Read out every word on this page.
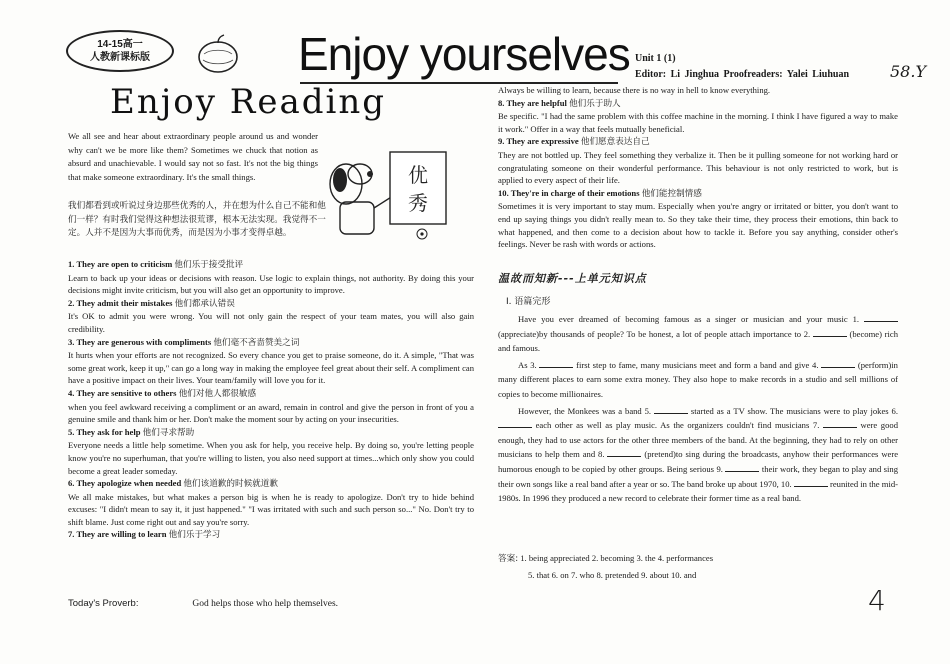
14-15高一
人教新课标版	Enjoy yourselves Unit 1 (1)
Editor: Li Jinghua Proofreaders: Yalei Liuhuan	58.Y
Enjoy Reading
We all see and hear about extraordinary people around us and wonder why can't we be more like them? Sometimes we chuck that notion as absurd and unachievable. I would say not so fast. It's not the big things that make someone extraordinary. It's the small things.	优
秀
我们都看到或听说过身边那些优秀的人，并在想为什么自己不能和他们一样？有时我们觉得这种想法很荒谬，根本无法实现。我觉得不一定。人并不是因为大事而优秀，而是因为小事才变得卓越。
1. They are open to criticism 他们乐于接受批评
Learn to back up your ideas or decisions with reason. Use logic to explain things, not authority. By doing this your decisions might invite criticism, but you will also get an opportunity to improve.
2. They admit their mistakes 他们都承认错误
It's OK to admit you were wrong. You will not only gain the respect of your team mates, you will also gain credibility.
3. They are generous with compliments 他们毫不吝啬赞美之词
It hurts when your efforts are not recognized. So every chance you get to praise someone, do it. A simple, "That was some great work, keep it up," can go a long way in making the employee feel great about their self. A compliment can have a positive impact on their lives. Your team/family will love you for it.
4. They are sensitive to others 他们对他人都很敏感
when you feel awkward receiving a compliment or an award, remain in control and give the person in front of you a genuine smile and thank him or her. Don't make the moment sour by acting on your insecurities.
5. They ask for help 他们寻求帮助
Everyone needs a little help sometime. When you ask for help, you receive help. By doing so, you're letting people know you're no superhuman, that you're willing to listen, you also need support at times...which only show you could become a great leader someday.
6. They apologize when needed 他们该道歉的时候就道歉
We all make mistakes, but what makes a person big is when he is ready to apologize. Don't try to hide behind excuses: "I didn't mean to say it, it just happened." "I was irritated with such and such person so..." No. Don't try to shift blame. Just come right out and say you're sorry.
7. They are willing to learn 他们乐于学习
Today's Proverb:	God helps those who help themselves.
Always be willing to learn, because there is no way in hell to know everything.
8. They are helpful 他们乐于助人
Be specific. "I had the same problem with this coffee machine in the morning. I think I have figured a way to make it work." Offer in a way that feels mutually beneficial.
9. They are expressive 他们愿意表达自己
They are not bottled up. They feel something they verbalize it. Then be it pulling someone for not working hard or congratulating someone on their wonderful performance. This behaviour is not only restricted to work, but is applied to every aspect of their life.
10. They're in charge of their emotions 他们能控制情感
Sometimes it is very important to stay mum. Especially when you're angry or irritated or bitter, you don't want to end up saying things you didn't really mean to. So they take their time, they process their emotions, thin back to what happened, and then come to a decision about how to tackle it. Before you say anything, consider other's feelings. Never be rash with words or actions.
温故而知新---上单元知识点
Ⅰ. 语篇完形

Have you ever dreamed of becoming famous as a singer or musician and your music 1.  (appreciate)by thousands of people? To be honest, a lot of people attach importance to 2.	(become) rich and famous.

As 3.	first step to fame, many musicians meet and form a band and give 4.	(perform)in many different places to earn some extra money. They also hope to make records in a studio and sell millions of copies to become millionaires.

However, the Monkees was a band 5.	started as a TV show. The musicians were to play jokes 6.  each other as well as play music. As the organizers couldn't find musicians 7.	were good enough, they had to use actors for the other three members of the band. At the beginning, they had to rely on other musicians to help them and 8.	(pretend)to sing during the broadcasts, anyhow their performances were humorous enough to be copied by other groups. Being serious 9.	their work, they began to play and sing their own songs like a real band after a year or so. The band broke up about 1970, 10.	reunited in the mid-1980s. In 1996 they produced a new record to celebrate their former time as a real band.

答案: 1. being appreciated 2. becoming 3. the 4. performances
5. that 6. on 7. who 8. pretended 9. about 10. and
4
